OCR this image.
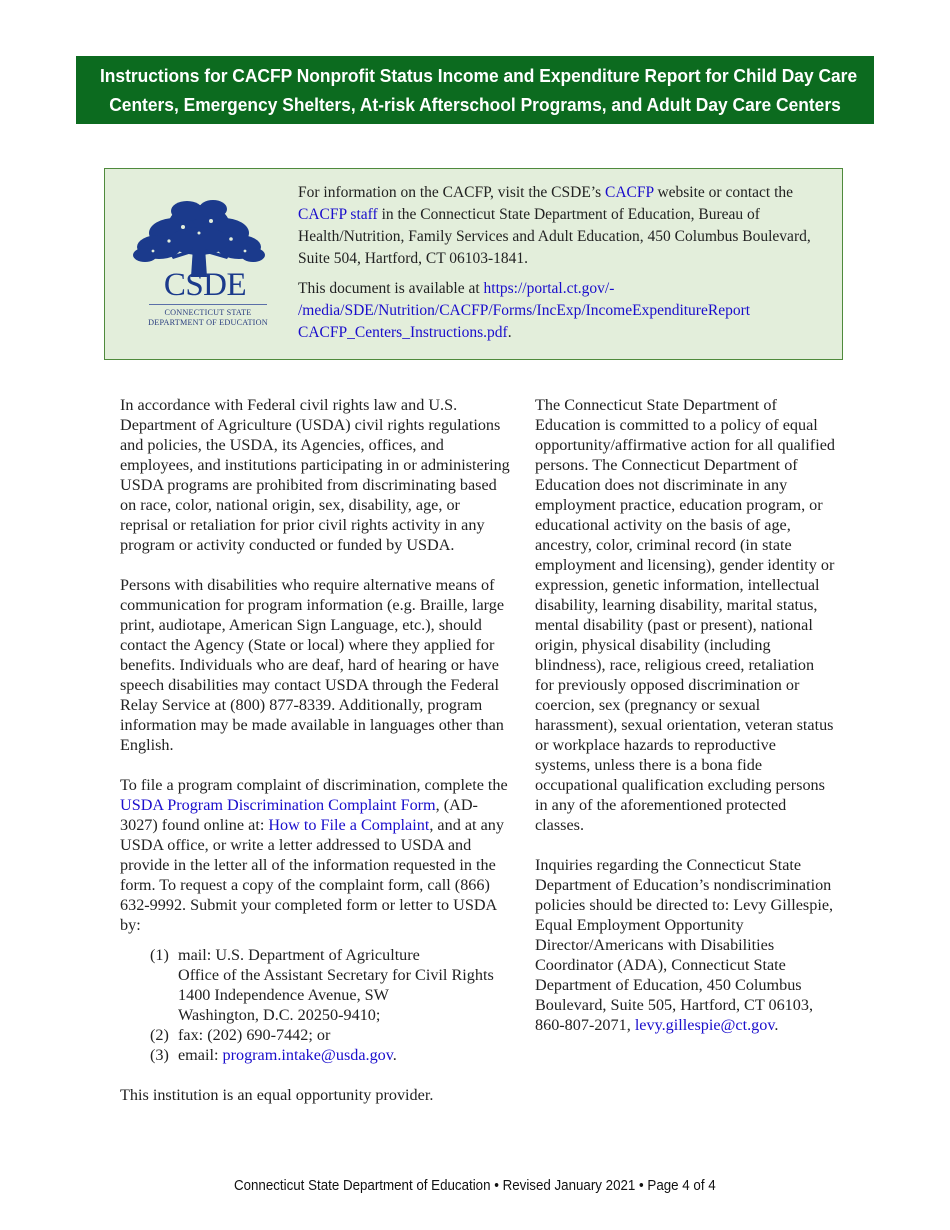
Instructions for CACFP Nonprofit Status Income and Expenditure Report for Child Day Care
Centers, Emergency Shelters, At-risk Afterschool Programs, and Adult Day Care Centers
CSDE
CONNECTICUT STATE
DEPARTMENT OF EDUCATION

For information on the CACFP, visit the CSDE’s CACFP website or contact the CACFP staff in the Connecticut State Department of Education, Bureau of Health/Nutrition, Family Services and Adult Education, 450 Columbus Boulevard, Suite 504, Hartford, CT 06103-1841.

This document is available at https://portal.ct.gov/-
/media/SDE/Nutrition/CACFP/Forms/IncExp/IncomeExpenditureReport
CACFP_Centers_Instructions.pdf.

In accordance with Federal civil rights law and U.S. Department of Agriculture (USDA) civil rights regulations and policies, the USDA, its Agencies, offices, and employees, and institutions participating in or administering USDA programs are prohibited from discriminating based on race, color, national origin, sex, disability, age, or reprisal or retaliation for prior civil rights activity in any program or activity conducted or funded by USDA.

Persons with disabilities who require alternative means of communication for program information (e.g. Braille, large print, audiotape, American Sign Language, etc.), should contact the Agency (State or local) where they applied for benefits. Individuals who are deaf, hard of hearing or have speech disabilities may contact USDA through the Federal Relay Service at (800) 877-8339. Additionally, program information may be made available in languages other than English.

To file a program complaint of discrimination, complete the USDA Program Discrimination Complaint Form, (AD-3027) found online at: How to File a Complaint, and at any USDA office, or write a letter addressed to USDA and provide in the letter all of the information requested in the form. To request a copy of the complaint form, call (866) 632-9992. Submit your completed form or letter to USDA by:

(1) mail: U.S. Department of Agriculture
Office of the Assistant Secretary for Civil Rights
1400 Independence Avenue, SW
Washington, D.C. 20250-9410;
(2) fax: (202) 690-7442; or
(3) email: program.intake@usda.gov.

This institution is an equal opportunity provider.

The Connecticut State Department of Education is committed to a policy of equal opportunity/affirmative action for all qualified persons. The Connecticut Department of Education does not discriminate in any employment practice, education program, or educational activity on the basis of age, ancestry, color, criminal record (in state employment and licensing), gender identity or expression, genetic information, intellectual disability, learning disability, marital status, mental disability (past or present), national origin, physical disability (including blindness), race, religious creed, retaliation for previously opposed discrimination or coercion, sex (pregnancy or sexual harassment), sexual orientation, veteran status or workplace hazards to reproductive systems, unless there is a bona fide occupational qualification excluding persons in any of the aforementioned protected classes.

Inquiries regarding the Connecticut State Department of Education’s nondiscrimination policies should be directed to: Levy Gillespie, Equal Employment Opportunity Director/Americans with Disabilities Coordinator (ADA), Connecticut State Department of Education, 450 Columbus Boulevard, Suite 505, Hartford, CT 06103, 860-807-2071, levy.gillespie@ct.gov.

Connecticut State Department of Education • Revised January 2021 • Page 4 of 4
